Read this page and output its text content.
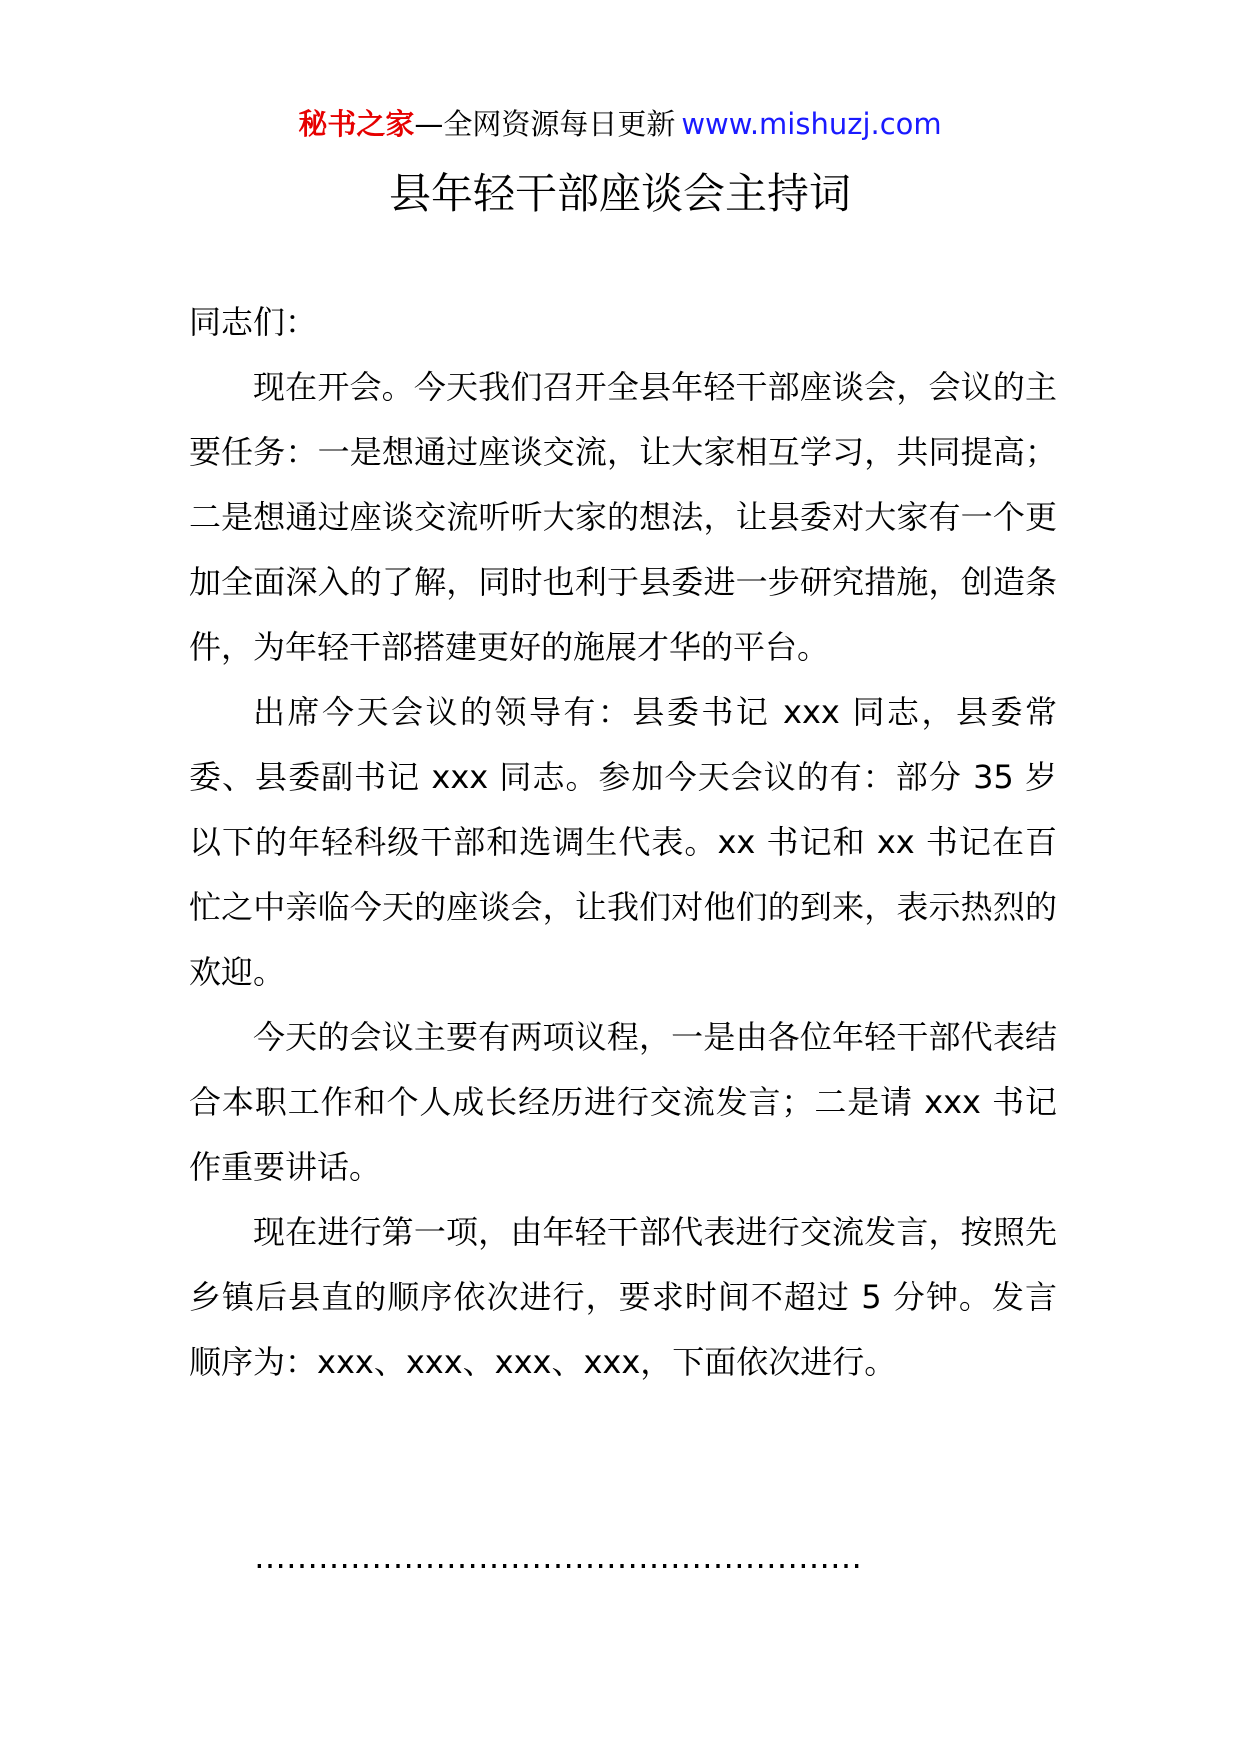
秘书之家—全网资源每日更新 www.mishuzj.com
县年轻干部座谈会主持词

同志们：

现在开会。今天我们召开全县年轻干部座谈会，会议的主要任务：一是想通过座谈交流，让大家相互学习，共同提高；二是想通过座谈交流听听大家的想法，让县委对大家有一个更加全面深入的了解，同时也利于县委进一步研究措施，创造条件，为年轻干部搭建更好的施展才华的平台。

出席今天会议的领导有：县委书记 xxx 同志，县委常委、县委副书记 xxx 同志。参加今天会议的有：部分 35 岁以下的年轻科级干部和选调生代表。xx 书记和 xx 书记在百忙之中亲临今天的座谈会，让我们对他们的到来，表示热烈的欢迎。

今天的会议主要有两项议程，一是由各位年轻干部代表结合本职工作和个人成长经历进行交流发言；二是请 xxx 书记作重要讲话。

现在进行第一项，由年轻干部代表进行交流发言，按照先乡镇后县直的顺序依次进行，要求时间不超过 5 分钟。发言顺序为：xxx、xxx、xxx、xxx，下面依次进行。

…………………………………………………
